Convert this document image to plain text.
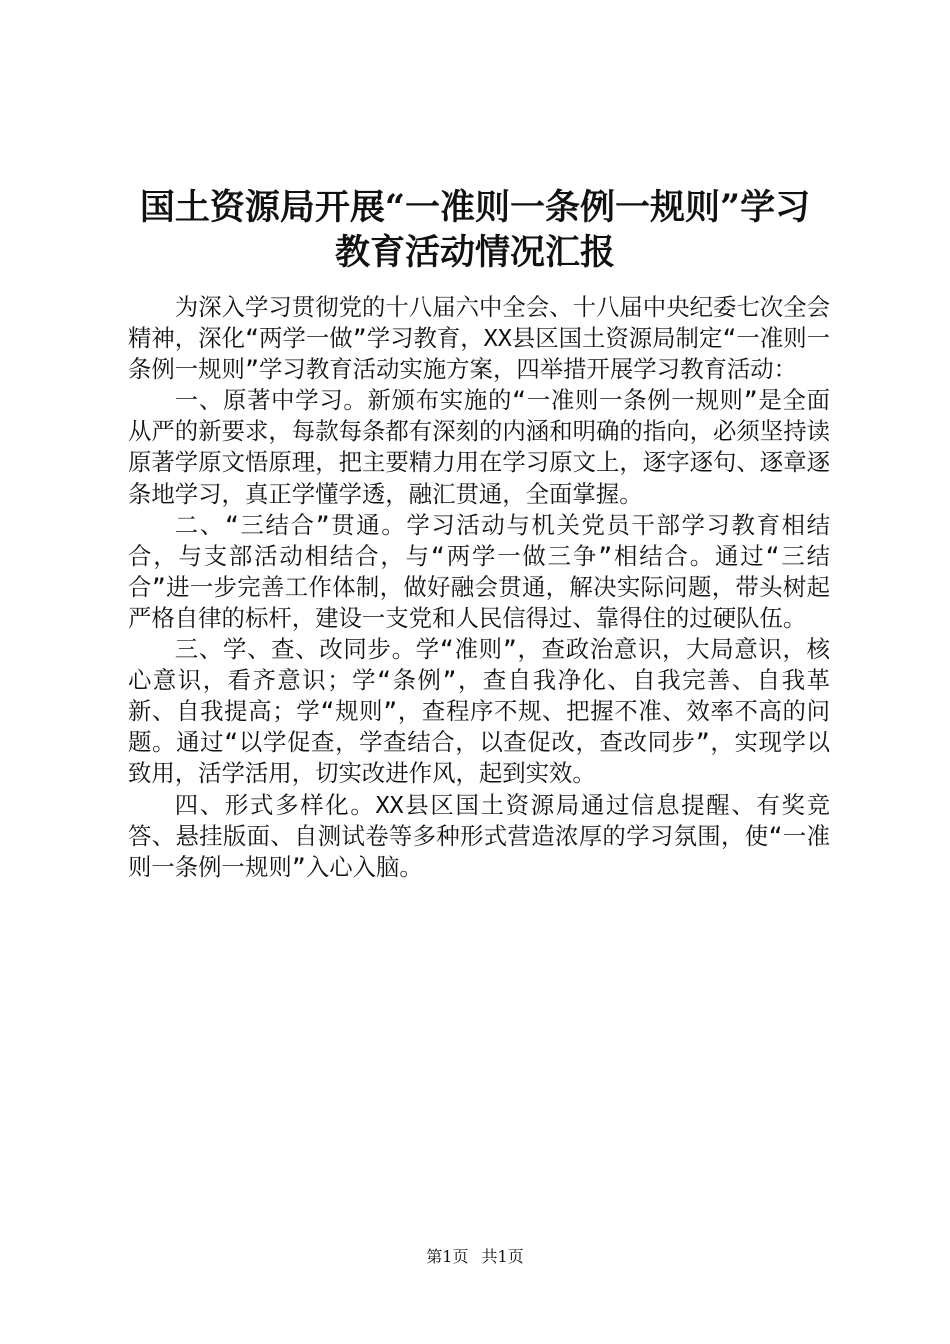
国土资源局开展“一准则一条例一规则”学习
教育活动情况汇报

为深入学习贯彻党的十八届六中全会、十八届中央纪委七次全会精神，深化“两学一做”学习教育，XX县区国土资源局制定“一准则一条例一规则”学习教育活动实施方案，四举措开展学习教育活动：

一、原著中学习。新颁布实施的“一准则一条例一规则”是全面从严的新要求，每款每条都有深刻的内涵和明确的指向，必须坚持读原著学原文悟原理，把主要精力用在学习原文上，逐字逐句、逐章逐条地学习，真正学懂学透，融汇贯通，全面掌握。

二、“三结合”贯通。学习活动与机关党员干部学习教育相结合，与支部活动相结合，与“两学一做三争”相结合。通过“三结合”进一步完善工作体制，做好融会贯通，解决实际问题，带头树起严格自律的标杆，建设一支党和人民信得过、靠得住的过硬队伍。

三、学、查、改同步。学“准则”，查政治意识，大局意识，核心意识，看齐意识；学“条例”，查自我净化、自我完善、自我革新、自我提高；学“规则”，查程序不规、把握不准、效率不高的问题。通过“以学促查，学查结合，以查促改，查改同步”，实现学以致用，活学活用，切实改进作风，起到实效。

四、形式多样化。XX县区国土资源局通过信息提醒、有奖竞答、悬挂版面、自测试卷等多种形式营造浓厚的学习氛围，使“一准则一条例一规则”入心入脑。

第1页 共1页
